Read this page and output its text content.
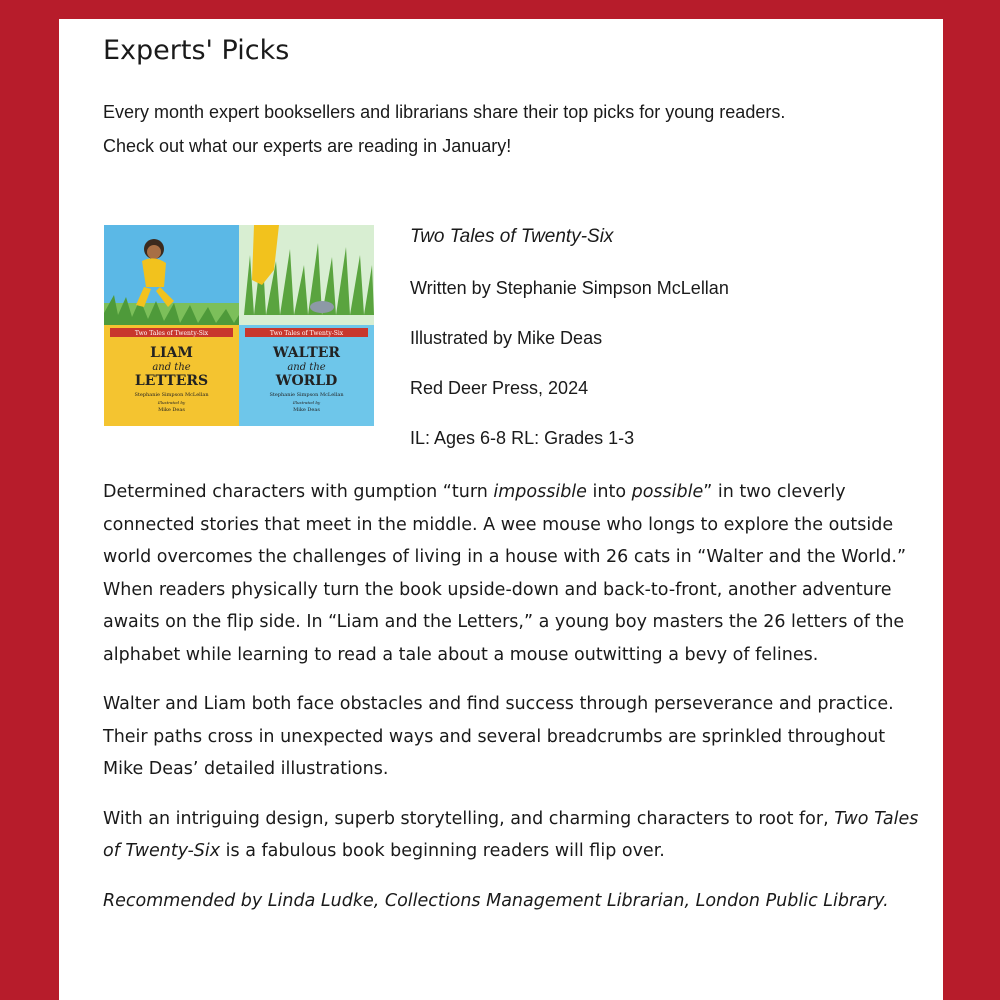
Experts' Picks
Every month expert booksellers and librarians share their top picks for young readers.
Check out what our experts are reading in January!
Two Tales of Twenty-Six
LIAM
and the
LETTERS
Stephanie Simpson McLellan
Illustrated by
Mike Deas
Two Tales of Twenty-Six
WALTER
and the
WORLD
Stephanie Simpson McLellan
Illustrated by
Mike Deas
Two Tales of Twenty-Six
Written by Stephanie Simpson McLellan
Illustrated by Mike Deas
Red Deer Press, 2024
IL: Ages 6-8 RL: Grades 1-3

Determined characters with gumption “turn impossible into possible” in two cleverly connected stories that meet in the middle. A wee mouse who longs to explore the outside world overcomes the challenges of living in a house with 26 cats in “Walter and the World.” When readers physically turn the book upside-down and back-to-front, another adventure awaits on the flip side. In “Liam and the Letters,” a young boy masters the 26 letters of the alphabet while learning to read a tale about a mouse outwitting a bevy of felines.

Walter and Liam both face obstacles and find success through perseverance and practice. Their paths cross in unexpected ways and several breadcrumbs are sprinkled throughout Mike Deas’ detailed illustrations.

With an intriguing design, superb storytelling, and charming characters to root for, Two Tales of Twenty-Six is a fabulous book beginning readers will flip over.

Recommended by Linda Ludke, Collections Management Librarian, London Public Library.
